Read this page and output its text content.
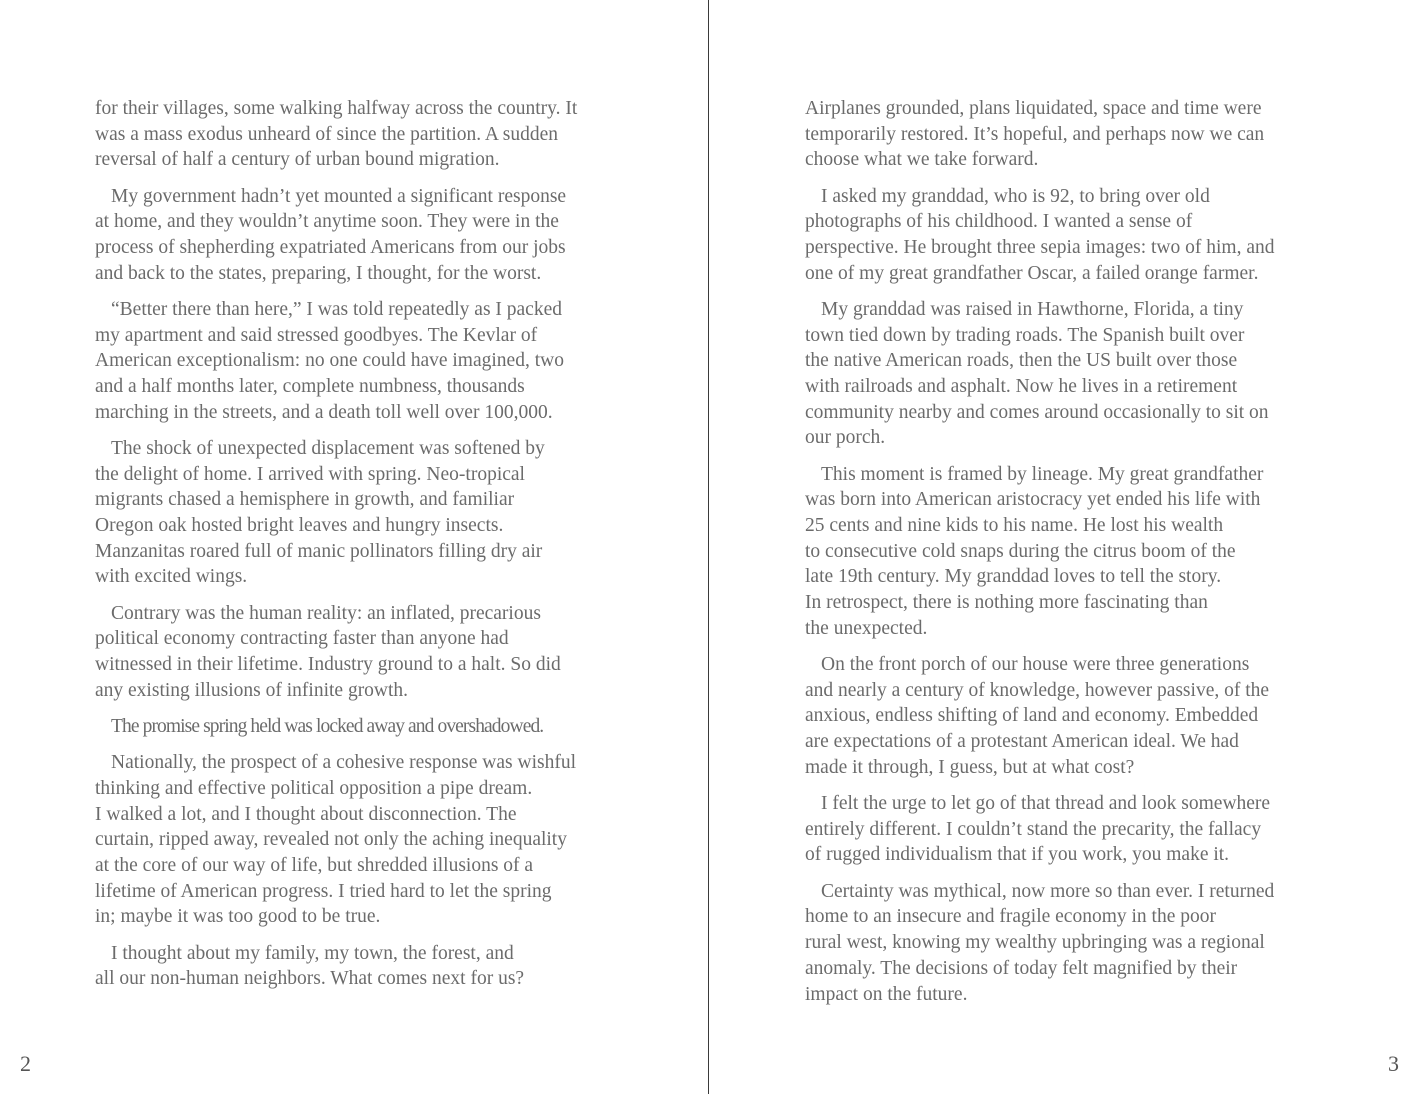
for their villages, some walking halfway across the country. It
was a mass exodus unheard of since the partition. A sudden
reversal of half a century of urban bound migration.

My government hadn’t yet mounted a significant response
at home, and they wouldn’t anytime soon. They were in the
process of shepherding expatriated Americans from our jobs
and back to the states, preparing, I thought, for the worst.

“Better there than here,” I was told repeatedly as I packed
my apartment and said stressed goodbyes. The Kevlar of
American exceptionalism: no one could have imagined, two
and a half months later, complete numbness, thousands
marching in the streets, and a death toll well over 100,000.

The shock of unexpected displacement was softened by
the delight of home. I arrived with spring. Neo-tropical
migrants chased a hemisphere in growth, and familiar
Oregon oak hosted bright leaves and hungry insects.
Manzanitas roared full of manic pollinators filling dry air
with excited wings.

Contrary was the human reality: an inflated, precarious
political economy contracting faster than anyone had
witnessed in their lifetime. Industry ground to a halt. So did
any existing illusions of infinite growth.

The promise spring held was locked away and overshadowed.

Nationally, the prospect of a cohesive response was wishful
thinking and effective political opposition a pipe dream.
I walked a lot, and I thought about disconnection. The
curtain, ripped away, revealed not only the aching inequality
at the core of our way of life, but shredded illusions of a
lifetime of American progress. I tried hard to let the spring
in; maybe it was too good to be true.

I thought about my family, my town, the forest, and
all our non-human neighbors. What comes next for us?

Airplanes grounded, plans liquidated, space and time were
temporarily restored. It’s hopeful, and perhaps now we can
choose what we take forward.

I asked my granddad, who is 92, to bring over old
photographs of his childhood. I wanted a sense of
perspective. He brought three sepia images: two of him, and
one of my great grandfather Oscar, a failed orange farmer.

My granddad was raised in Hawthorne, Florida, a tiny
town tied down by trading roads. The Spanish built over
the native American roads, then the US built over those
with railroads and asphalt. Now he lives in a retirement
community nearby and comes around occasionally to sit on
our porch.

This moment is framed by lineage. My great grandfather
was born into American aristocracy yet ended his life with
25 cents and nine kids to his name. He lost his wealth
to consecutive cold snaps during the citrus boom of the
late 19th century. My granddad loves to tell the story.
In retrospect, there is nothing more fascinating than
the unexpected.

On the front porch of our house were three generations
and nearly a century of knowledge, however passive, of the
anxious, endless shifting of land and economy. Embedded
are expectations of a protestant American ideal. We had
made it through, I guess, but at what cost?

I felt the urge to let go of that thread and look somewhere
entirely different. I couldn’t stand the precarity, the fallacy
of rugged individualism that if you work, you make it.

Certainty was mythical, now more so than ever. I returned
home to an insecure and fragile economy in the poor
rural west, knowing my wealthy upbringing was a regional
anomaly. The decisions of today felt magnified by their
impact on the future.

2	3
